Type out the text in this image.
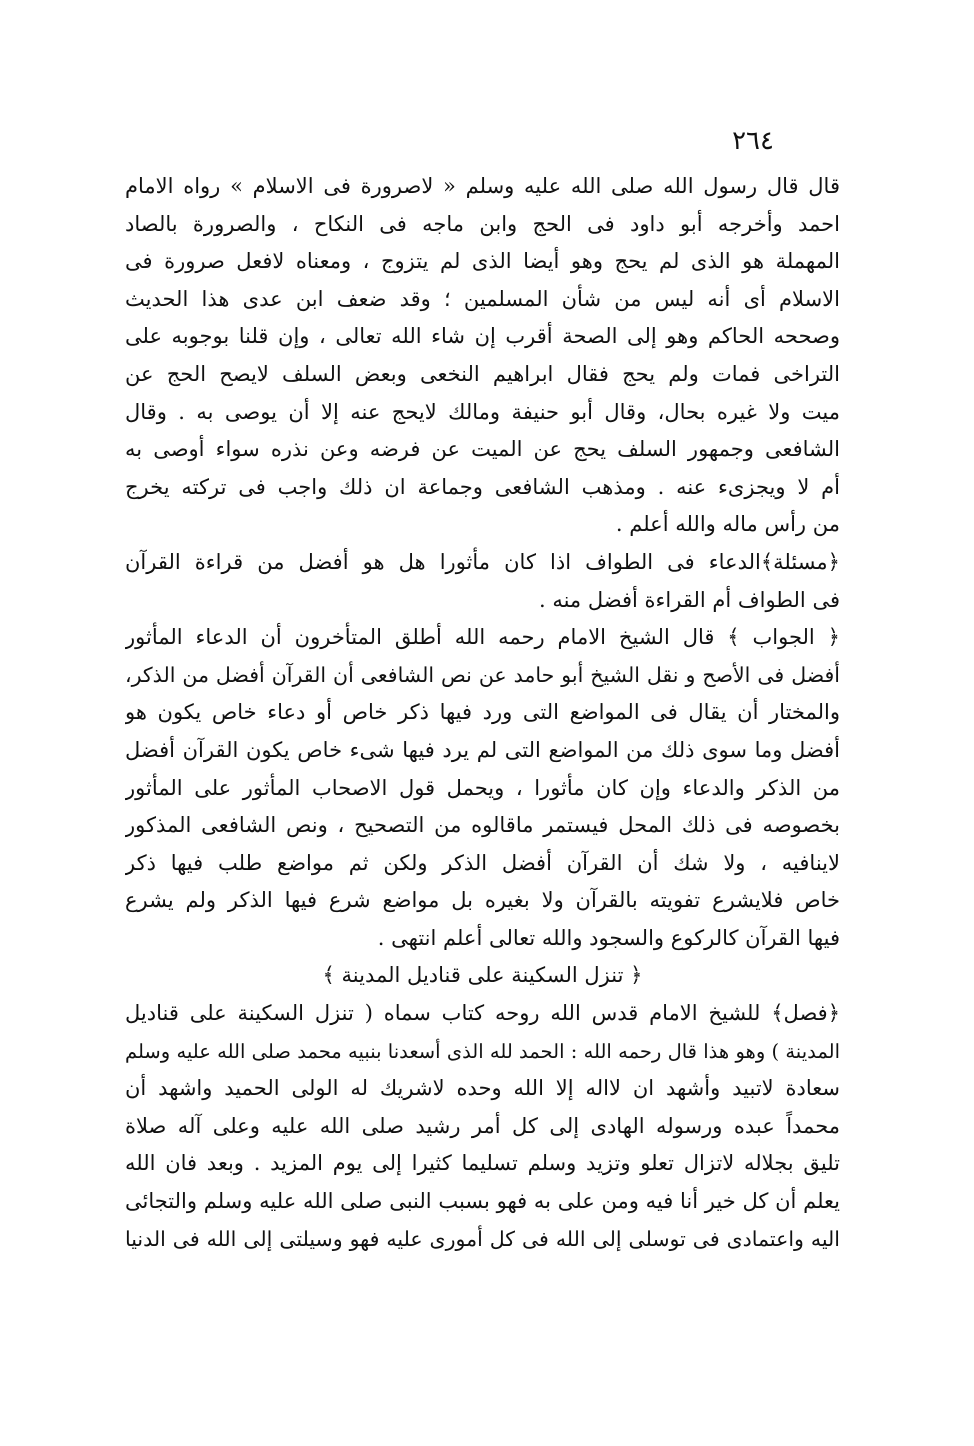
٢٦٤
قال قال رسول الله صلى الله عليه وسلم « لاصرورة فى الاسلام » رواه الامام
احمد وأخرجه أبو داود فى الحج وابن ماجه فى النكاح ، والصرورة بالصاد
المهملة هو الذى لم يحج وهو أيضا الذى لم يتزوج ، ومعناه لافعل صرورة فى
الاسلام أى أنه ليس من شأن المسلمين ؛ وقد ضعف ابن عدى هذا الحديث
وصححه الحاكم وهو إلى الصحة أقرب إن شاء الله تعالى ، وإن قلنا بوجوبه على
التراخى فمات ولم يحج فقال ابراهيم النخعى وبعض السلف لايصح الحج عن
ميت ولا غيره بحال، وقال أبو حنيفة ومالك لايحج عنه إلا أن يوصى به . وقال
الشافعى وجمهور السلف يحج عن الميت عن فرضه وعن نذره سواء أوصى به
أم لا ويجزىء عنه . ومذهب الشافعى وجماعة ان ذلك واجب فى تركته يخرج
من رأس ماله والله أعلم .
﴿مسئلة﴾الدعاء فى الطواف اذا كان مأثورا هل هو أفضل من قراءة القرآن
فى الطواف أم القراءة أفضل منه .
﴿ الجواب ﴾ قال الشيخ الامام رحمه الله أطلق المتأخرون أن الدعاء المأثور
أفضل فى الأصح و نقل الشيخ أبو حامد عن نص الشافعى أن القرآن أفضل من الذكر،
والمختار أن يقال فى المواضع التى ورد فيها ذكر خاص أو دعاء خاص يكون هو
أفضل وما سوى ذلك من المواضع التى لم يرد فيها شىء خاص يكون القرآن أفضل
من الذكر والدعاء وإن كان مأثورا ، ويحمل قول الاصحاب المأثور على المأثور
بخصوصه فى ذلك المحل فيستمر ماقالوه من التصحيح ، ونص الشافعى المذكور
لاينافيه ، ولا شك أن القرآن أفضل الذكر ولكن ثم مواضع طلب فيها ذكر
خاص فلايشرع تفويته بالقرآن ولا بغيره بل مواضع شرع فيها الذكر ولم يشرع
فيها القرآن كالركوع والسجود والله تعالى أعلم انتهى .
﴿ تنزل السكينة على قناديل المدينة ﴾
﴿فصل﴾ للشيخ الامام قدس الله روحه كتاب سماه ( تنزل السكينة على قناديل
المدينة ) وهو هذا قال رحمه الله : الحمد لله الذى أسعدنا بنبيه محمد صلى الله عليه وسلم
سعادة لاتبيد وأشهد ان لااله إلا الله وحده لاشريك له الولى الحميد واشهد أن
محمداً عبده ورسوله الهادى إلى كل أمر رشيد صلى الله عليه وعلى آله صلاة
تليق بجلاله لاتزال تعلو وتزيد وسلم تسليما كثيرا إلى يوم المزيد . وبعد فان الله
يعلم أن كل خير أنا فيه ومن على به فهو بسبب النبى صلى الله عليه وسلم والتجائى
اليه واعتمادى فى توسلى إلى الله فى كل أمورى عليه فهو وسيلتى إلى الله فى الدنيا
